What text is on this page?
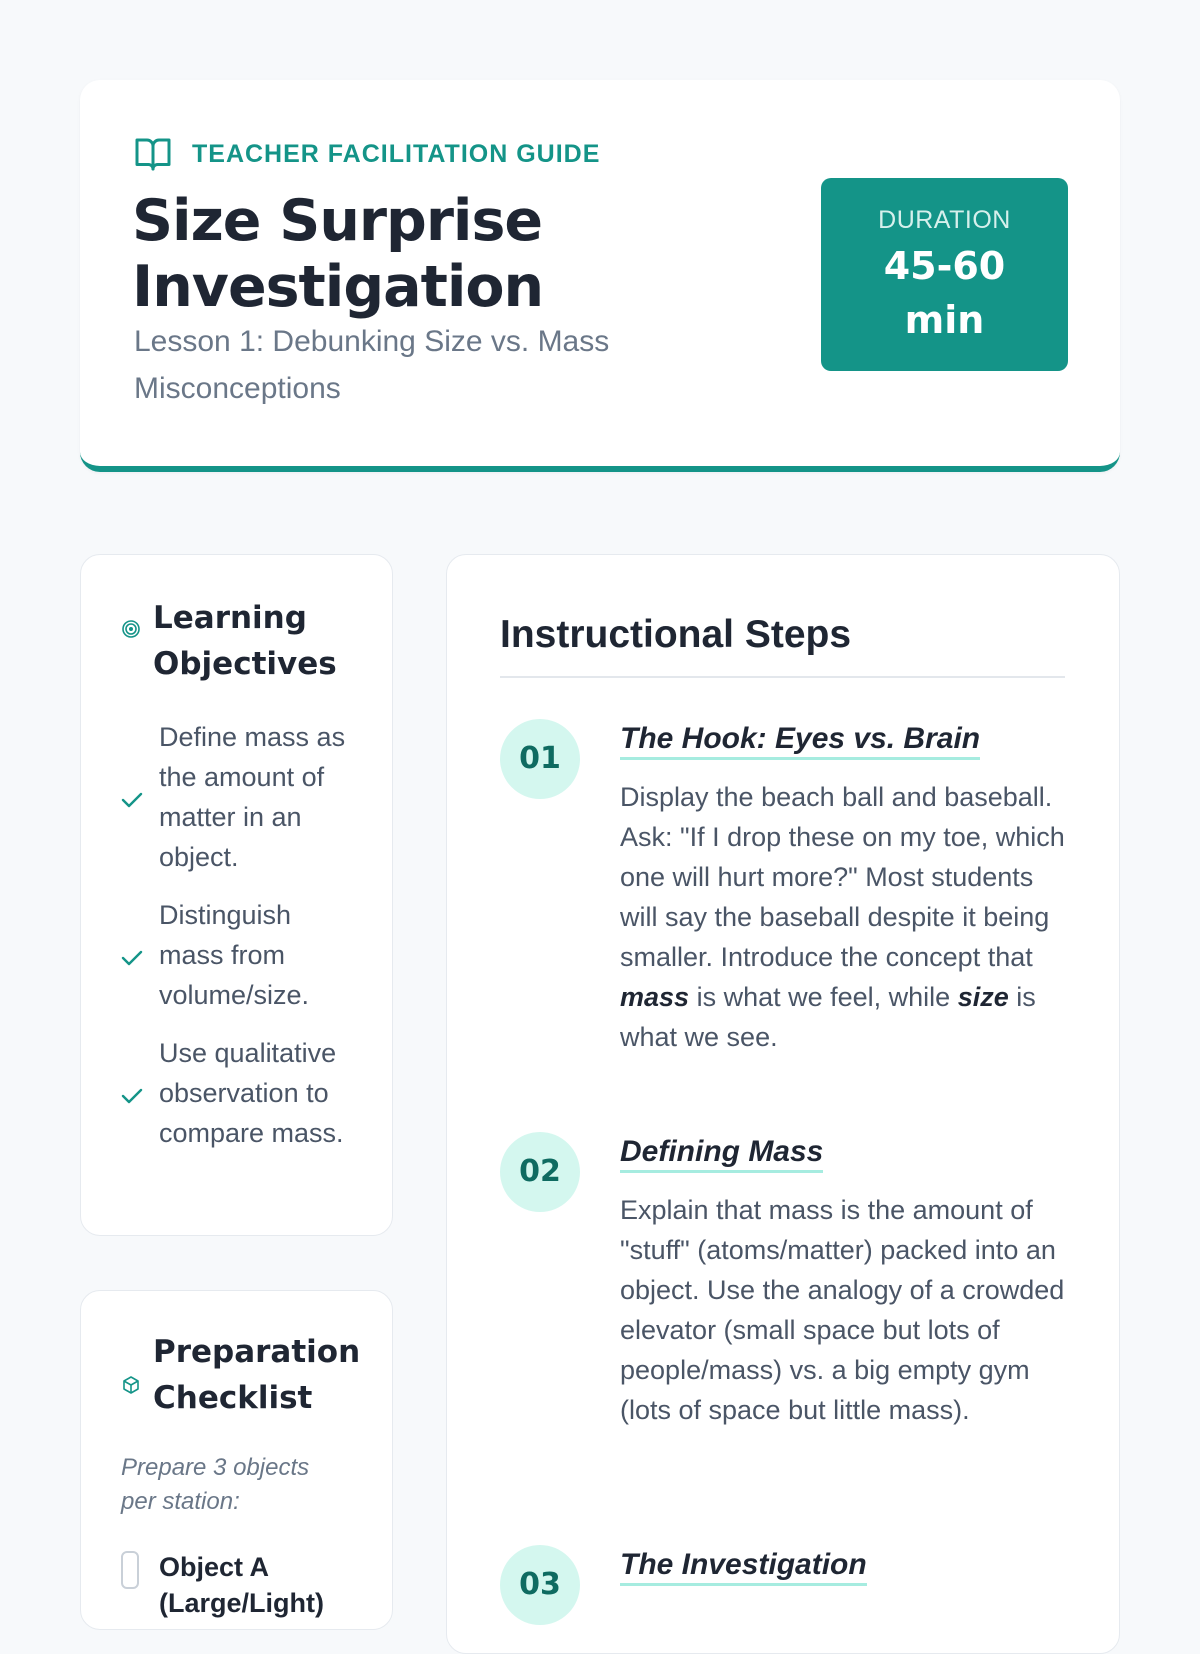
TEACHER FACILITATION GUIDE
Size Surprise Investigation

Lesson 1: Debunking Size vs. Mass Misconceptions

DURATION
45-60 min
Learning Objectives
Define mass as the amount of matter in an object.
Distinguish mass from volume/size.
Use qualitative observation to compare mass.
Preparation Checklist

Prepare 3 objects per station:

Object A (Large/Light)
Instructional Steps
01
The Hook: Eyes vs. Brain

Display the beach ball and baseball. Ask: "If I drop these on my toe, which one will hurt more?" Most students will say the baseball despite it being smaller. Introduce the concept that mass is what we feel, while size is what we see.

02
Defining Mass

Explain that mass is the amount of "stuff" (atoms/matter) packed into an object. Use the analogy of a crowded elevator (small space but lots of people/mass) vs. a big empty gym (lots of space but little mass).

03
The Investigation
